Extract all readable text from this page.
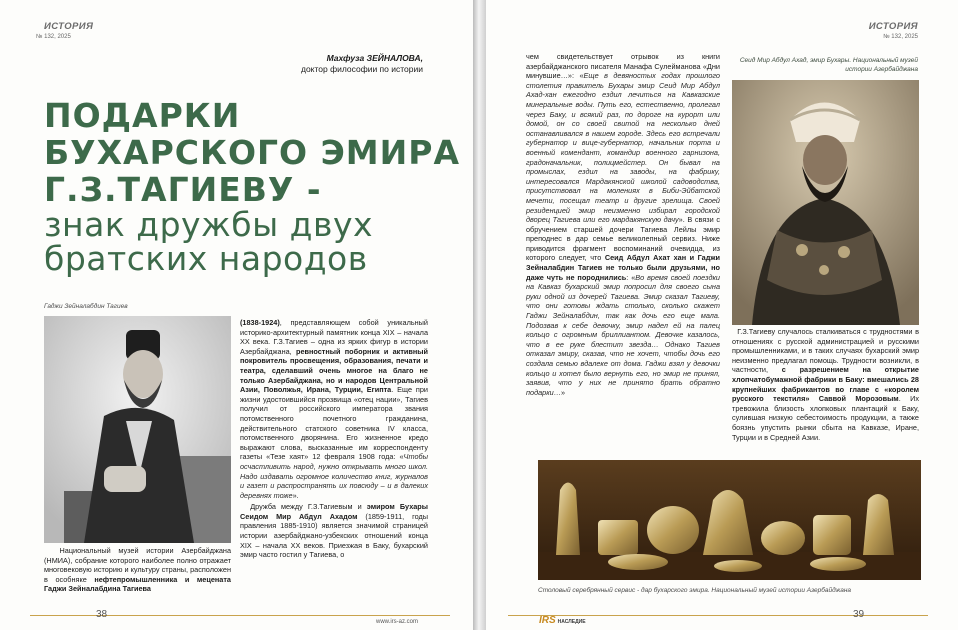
ИСТОРИЯ
№ 132, 2025
Махфуза ЗЕЙНАЛОВА,
доктор философии по истории
ПОДАРКИ
БУХАРСКОГО ЭМИРА
Г.З.ТАГИЕВУ -
знак дружбы двух
братских народов
Гаджи Зейналабдин Тагиев

Национальный музей истории Азербайджана (НМИА), собрание которого наиболее полно отражает многовековую историю и культуру страны, расположен в особняке нефтепромышленника и мецената Гаджи Зейналабдина Тагиева

(1838-1924), представляющем собой уникальный историко-архитектурный памятник конца XIX – начала XX века. Г.З.Тагиев – одна из ярких фигур в истории Азербайджана, ревностный поборник и активный покровитель просвещения, образования, печати и театра, сделавший очень многое на благо не только Азербайджана, но и народов Центральной Азии, Поволжья, Ирана, Турции, Египта. Еще при жизни удостоившийся прозвища «отец нации», Тагиев получил от российского императора звания потомственного почетного гражданина, действительного статского советника IV класса, потомственного дворянина. Его жизненное кредо выражают слова, высказанные им корреспонденту газеты «Тезе хаят» 12 февраля 1908 года: «Чтобы осчастливить народ, нужно открывать много школ. Надо издавать огромное количество книг, журналов и газет и распространять их повсюду – и в далеких деревнях тоже».

Дружба между Г.З.Тагиевым и эмиром Бухары Сеидом Мир Абдул Ахадом (1859-1911, годы правления 1885-1910) является значимой страницей истории азербайджано-узбекских отношений конца XIX – начала XX веков. Приезжая в Баку, бухарский эмир часто гостил у Тагиева, о

38
www.irs-az.com
ИСТОРИЯ
№ 132, 2025

чем свидетельствует отрывок из книги азербайджанского писателя Манафа Сулейманова «Дни минувшие…»: «Еще в девяностых годах прошлого столетия правитель Бухары эмир Сеид Мир Абдул Ахад-хан ежегодно ездил лечиться на Кавказские минеральные воды. Путь его, естественно, пролегал через Баку, и всякий раз, по дороге на курорт или домой, он со своей свитой на несколько дней останавливался в нашем городе. Здесь его встречали губернатор и вице-губернатор, начальник порта и военный комендант, командир военного гарнизона, градоначальник, полицмейстер. Он бывал на промыслах, ездил на заводы, на фабрику, интересовался Мардакянской школой садоводства, присутствовал на молениях в Биби-Эйбатской мечети, посещал театр и другие зрелища. Своей резиденцией эмир неизменно избирал городской дворец Тагиева или его мардакянскую дачу». В связи с обручением старшей дочери Тагиева Лейлы эмир преподнес в дар семье великолепный сервиз. Ниже приводится фрагмент воспоминаний очевидца, из которого следует, что Сеид Абдул Ахат хан и Гаджи Зейналабдин Тагиев не только были друзьями, но даже чуть не породнились: «Во время своей поездки на Кавказ бухарский эмир попросил для своего сына руки одной из дочерей Тагиева. Эмир сказал Тагиеву, что они готовы ждать столько, сколько скажет Гаджи Зейналабдин, так как дочь его еще мала. Подозвав к себе девочку, эмир надел ей на палец кольцо с огромным бриллиантом. Девочке казалось, что в ее руке блестит звезда… Однако Тагиев отказал эмиру, сказав, что не хочет, чтобы дочь его создала семью вдалеке от дома. Гаджи взял у девочки кольцо и хотел было вернуть его, но эмир не принял, заявив, что у них не принято брать обратно подарки…»

Сеид Мир Абдул Ахад, эмир Бухары. Национальный музей истории Азербайджана

Г.З.Тагиеву случалось сталкиваться с трудностями в отношениях с русской администрацией и русскими промышленниками, и в таких случаях бухарский эмир неизменно предлагал помощь. Трудности возникли, в частности, с разрешением на открытие хлопчатобумажной фабрики в Баку: вмешались 28 крупнейших фабрикантов во главе с «королем русского текстиля» Саввой Морозовым. Их тревожила близость хлопковых плантаций к Баку, сулившая низкую себестоимость продукции, а также боязнь упустить рынки сбыта на Кавказе, Иране, Турции и в Средней Азии.

Столовый серебрянный сервис - дар бухарского эмира. Национальный музей истории Азербайджана
IRS НАСЛЕДИЕ
39
